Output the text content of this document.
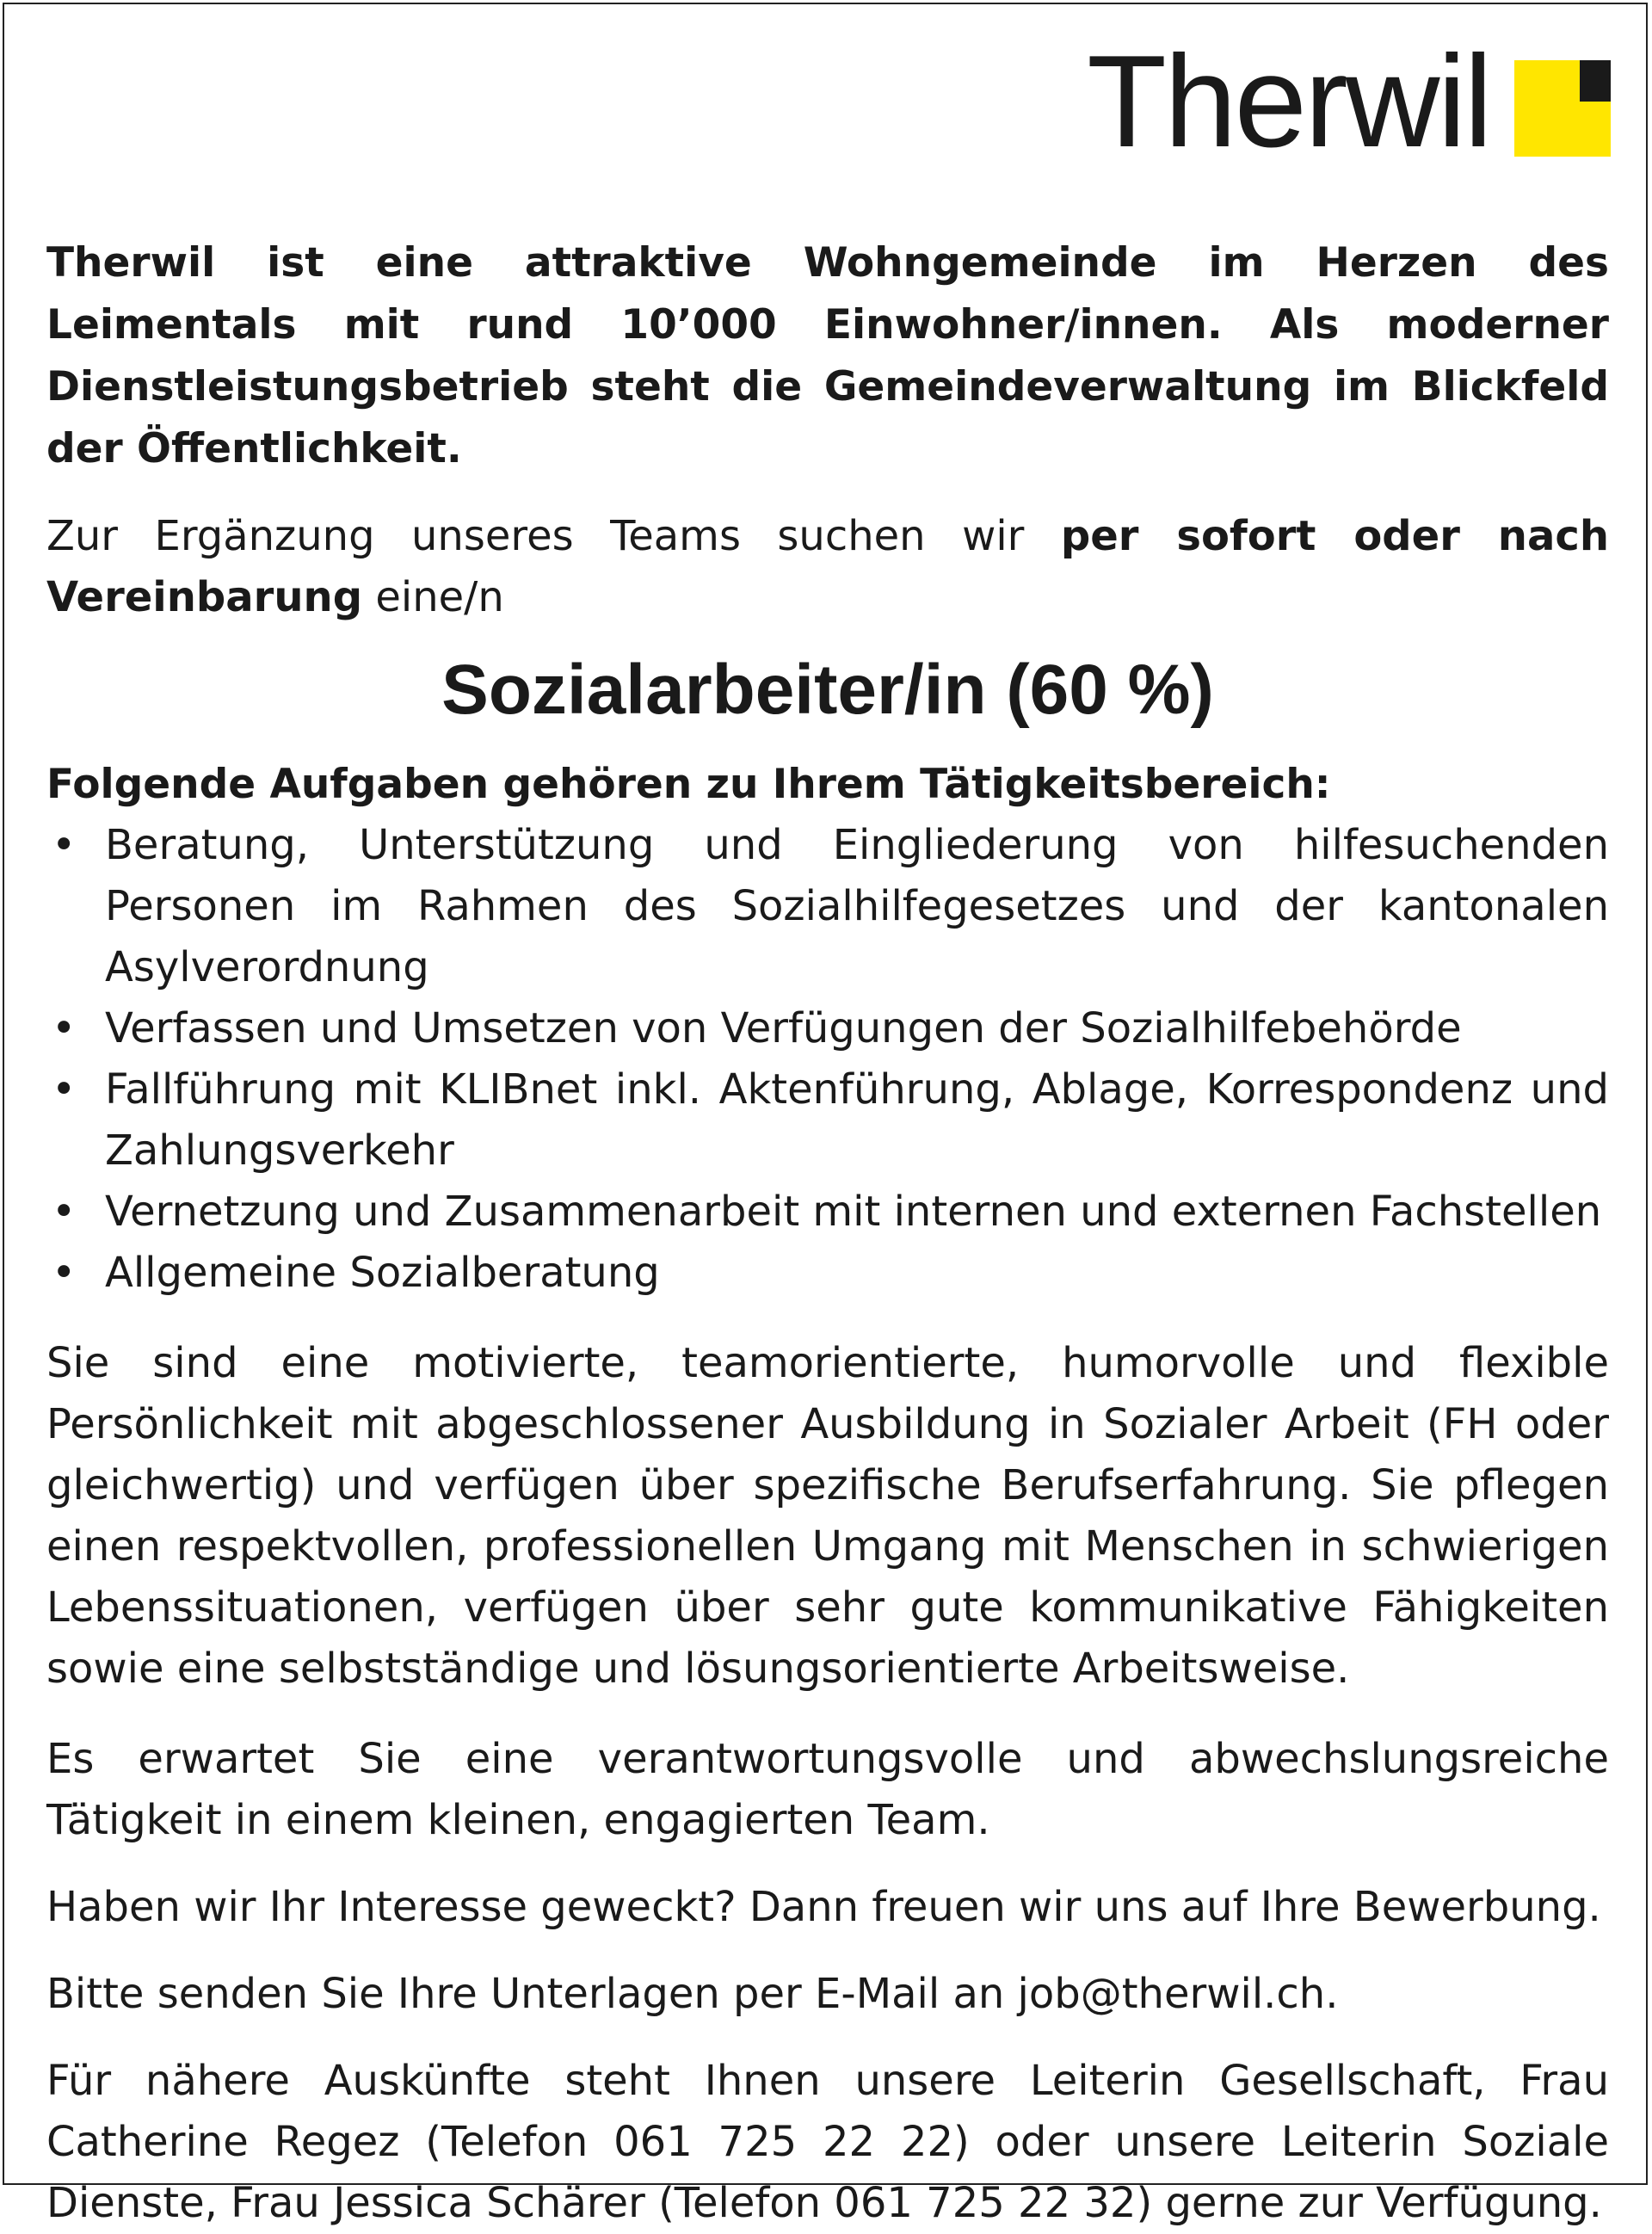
Therwil

Therwil ist eine attraktive Wohngemeinde im Herzen des Leimentals mit rund 10’000 Einwohner/innen. Als moderner Dienstleistungsbetrieb steht die Gemeindeverwaltung im Blickfeld der Öffentlichkeit.

Zur Ergänzung unseres Teams suchen wir per sofort oder nach Vereinbarung eine/n

Sozialarbeiter/in (60 %)

Folgende Aufgaben gehören zu Ihrem Tätigkeitsbereich:

• Beratung, Unterstützung und Eingliederung von hilfesuchenden Personen im Rahmen des Sozialhilfegesetzes und der kantonalen Asylverordnung
• Verfassen und Umsetzen von Verfügungen der Sozialhilfebehörde
• Fallführung mit KLIBnet inkl. Aktenführung, Ablage, Korrespondenz und Zahlungsverkehr
• Vernetzung und Zusammenarbeit mit internen und externen Fachstellen
• Allgemeine Sozialberatung

Sie sind eine motivierte, teamorientierte, humorvolle und flexible Persönlichkeit mit abgeschlossener Ausbildung in Sozialer Arbeit (FH oder gleichwertig) und verfügen über spezifische Berufserfahrung. Sie pflegen einen respektvollen, professionellen Umgang mit Menschen in schwierigen Lebenssituationen, verfügen über sehr gute kommunikative Fähigkeiten sowie eine selbstständige und lösungsorientierte Arbeitsweise.

Es erwartet Sie eine verantwortungsvolle und abwechslungsreiche Tätigkeit in einem kleinen, engagierten Team.

Haben wir Ihr Interesse geweckt? Dann freuen wir uns auf Ihre Bewerbung.

Bitte senden Sie Ihre Unterlagen per E-Mail an job@therwil.ch.

Für nähere Auskünfte steht Ihnen unsere Leiterin Gesellschaft, Frau Catherine Regez (Telefon 061 725 22 22) oder unsere Leiterin Soziale Dienste, Frau Jessica Schärer (Telefon 061 725 22 32) gerne zur Verfügung.
